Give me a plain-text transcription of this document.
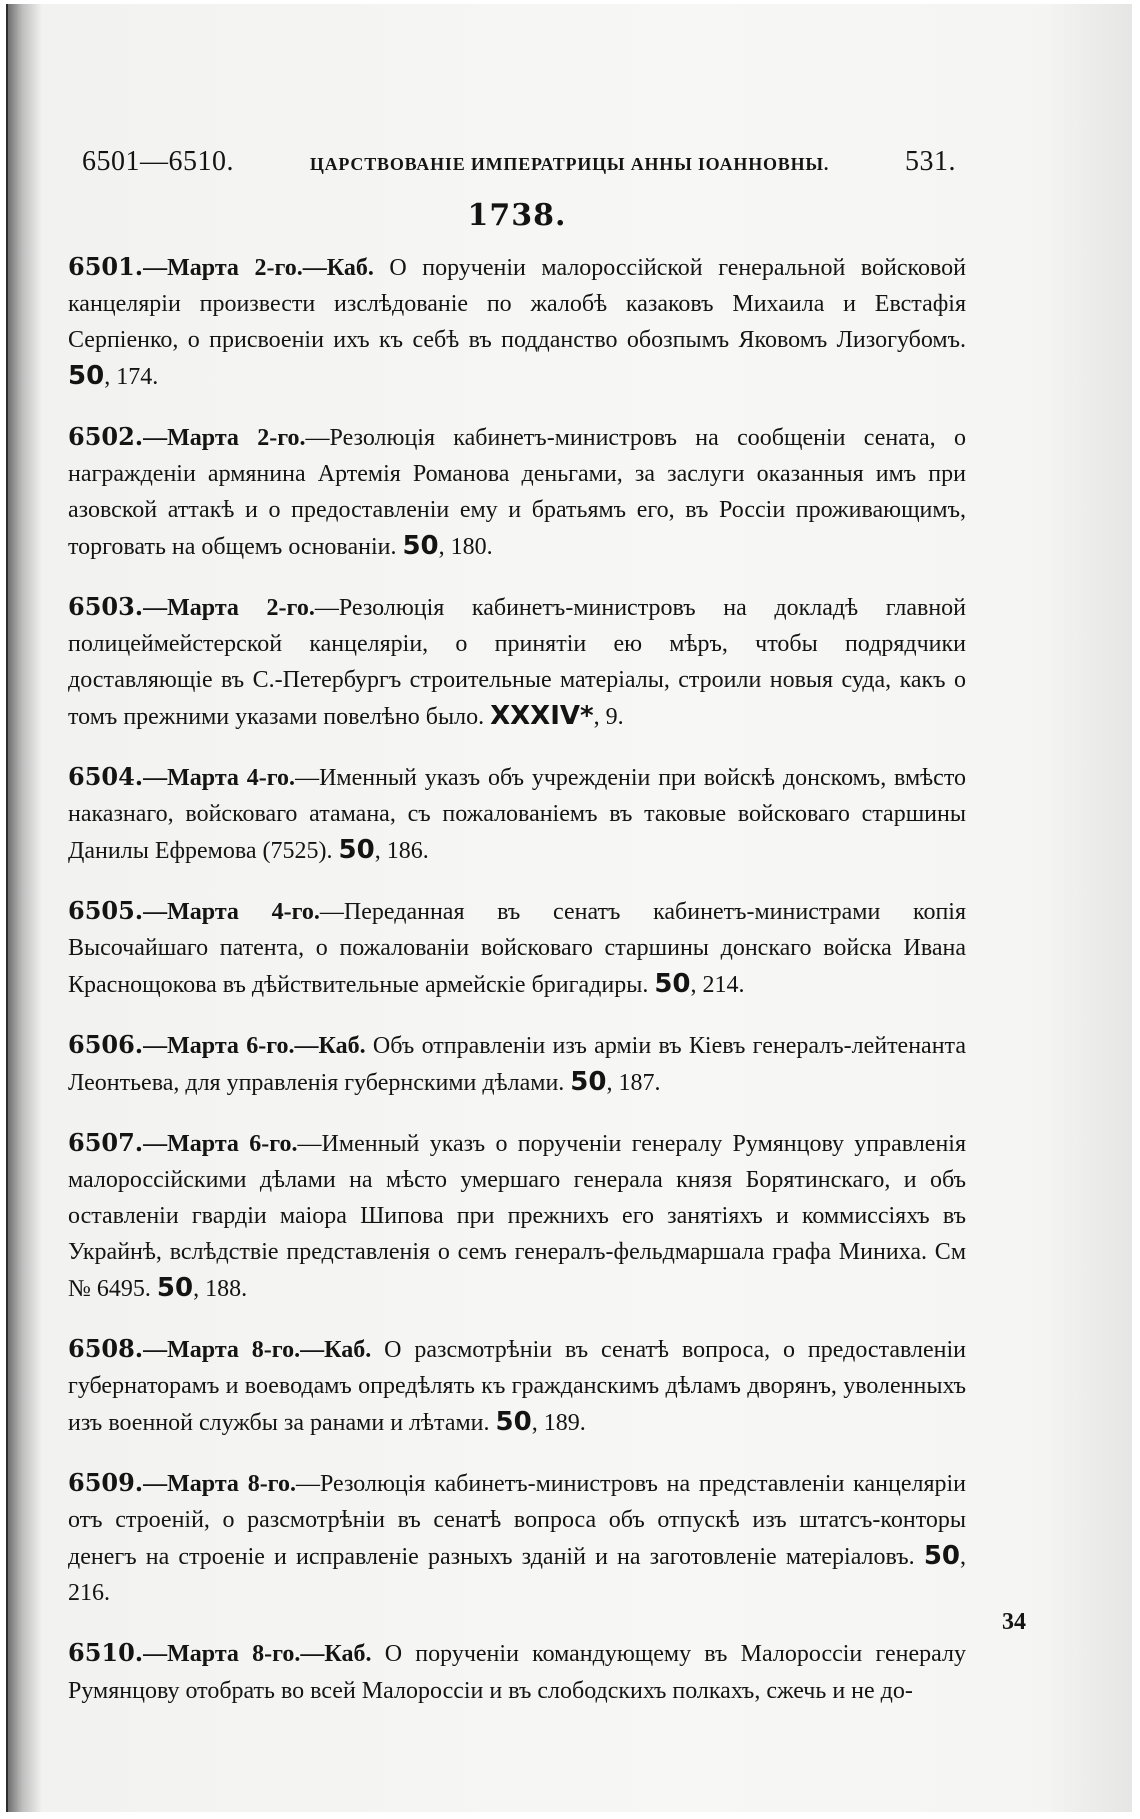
6501—6510.	ЦАРСТВОВАНІЕ ИМПЕРАТРИЦЫ АННЫ ІОАННОВНЫ.	531.
1738.

6501.—Марта 2-го.—Каб. О порученіи малороссійской генеральной войсковой канцеляріи произвести изслѣдованіе по жалобѣ казаковъ Михаила и Евстафія Серпіенко, о присвоеніи ихъ къ себѣ въ подданство обозпымъ Яковомъ Лизогубомъ. 50, 174.

6502.—Марта 2-го.—Резолюція кабинетъ-министровъ на сообщеніи сената, о награжденіи армянина Артемія Романова деньгами, за заслуги оказанныя имъ при азовской аттакѣ и о предоставленіи ему и братьямъ его, въ Россіи проживающимъ, торговать на общемъ основаніи. 50, 180.

6503.—Марта 2-го.—Резолюція кабинетъ-министровъ на докладѣ главной полицеймейстерской канцеляріи, о принятіи ею мѣръ, чтобы подрядчики доставляющіе въ С.-Петербургъ строительные матеріалы, строили новыя суда, какъ о томъ прежними указами повелѣно было. XXXIV*, 9.

6504.—Марта 4-го.—Именный указъ объ учрежденіи при войскѣ донскомъ, вмѣсто наказнаго, войсковаго атамана, съ пожалованіемъ въ таковые войсковаго старшины Данилы Ефремова (7525). 50, 186.

6505.—Марта 4-го.—Переданная въ сенатъ кабинетъ-министрами копія Высочайшаго патента, о пожалованіи войсковаго старшины донскаго войска Ивана Краснощокова въ дѣйствительные армейскіе бригадиры. 50, 214.

6506.—Марта 6-го.—Каб. Объ отправленіи изъ арміи въ Кіевъ генералъ-лейтенанта Леонтьева, для управленія губернскими дѣлами. 50, 187.

6507.—Марта 6-го.—Именный указъ о порученіи генералу Румянцову управленія малороссійскими дѣлами на мѣсто умершаго генерала князя Борятинскаго, и объ оставленіи гвардіи маіора Шипова при прежнихъ его занятіяхъ и коммиссіяхъ въ Украйнѣ, вслѣдствіе представленія о семъ генералъ-фельдмаршала графа Миниха. См № 6495. 50, 188.

6508.—Марта 8-го.—Каб. О разсмотрѣніи въ сенатѣ вопроса, о предоставленіи губернаторамъ и воеводамъ опредѣлять къ гражданскимъ дѣламъ дворянъ, уволенныхъ изъ военной службы за ранами и лѣтами. 50, 189.

6509.—Марта 8-го.—Резолюція кабинетъ-министровъ на представленіи канцеляріи отъ строеній, о разсмотрѣніи въ сенатѣ вопроса объ отпускѣ изъ штатсъ-конторы денегъ на строеніе и исправленіе разныхъ зданій и на заготовленіе матеріаловъ. 50, 216.

6510.—Марта 8-го.—Каб. О порученіи командующему въ Малороссіи генералу Румянцову отобрать во всей Малороссіи и въ слободскихъ полкахъ, сжечь и не до-

34
